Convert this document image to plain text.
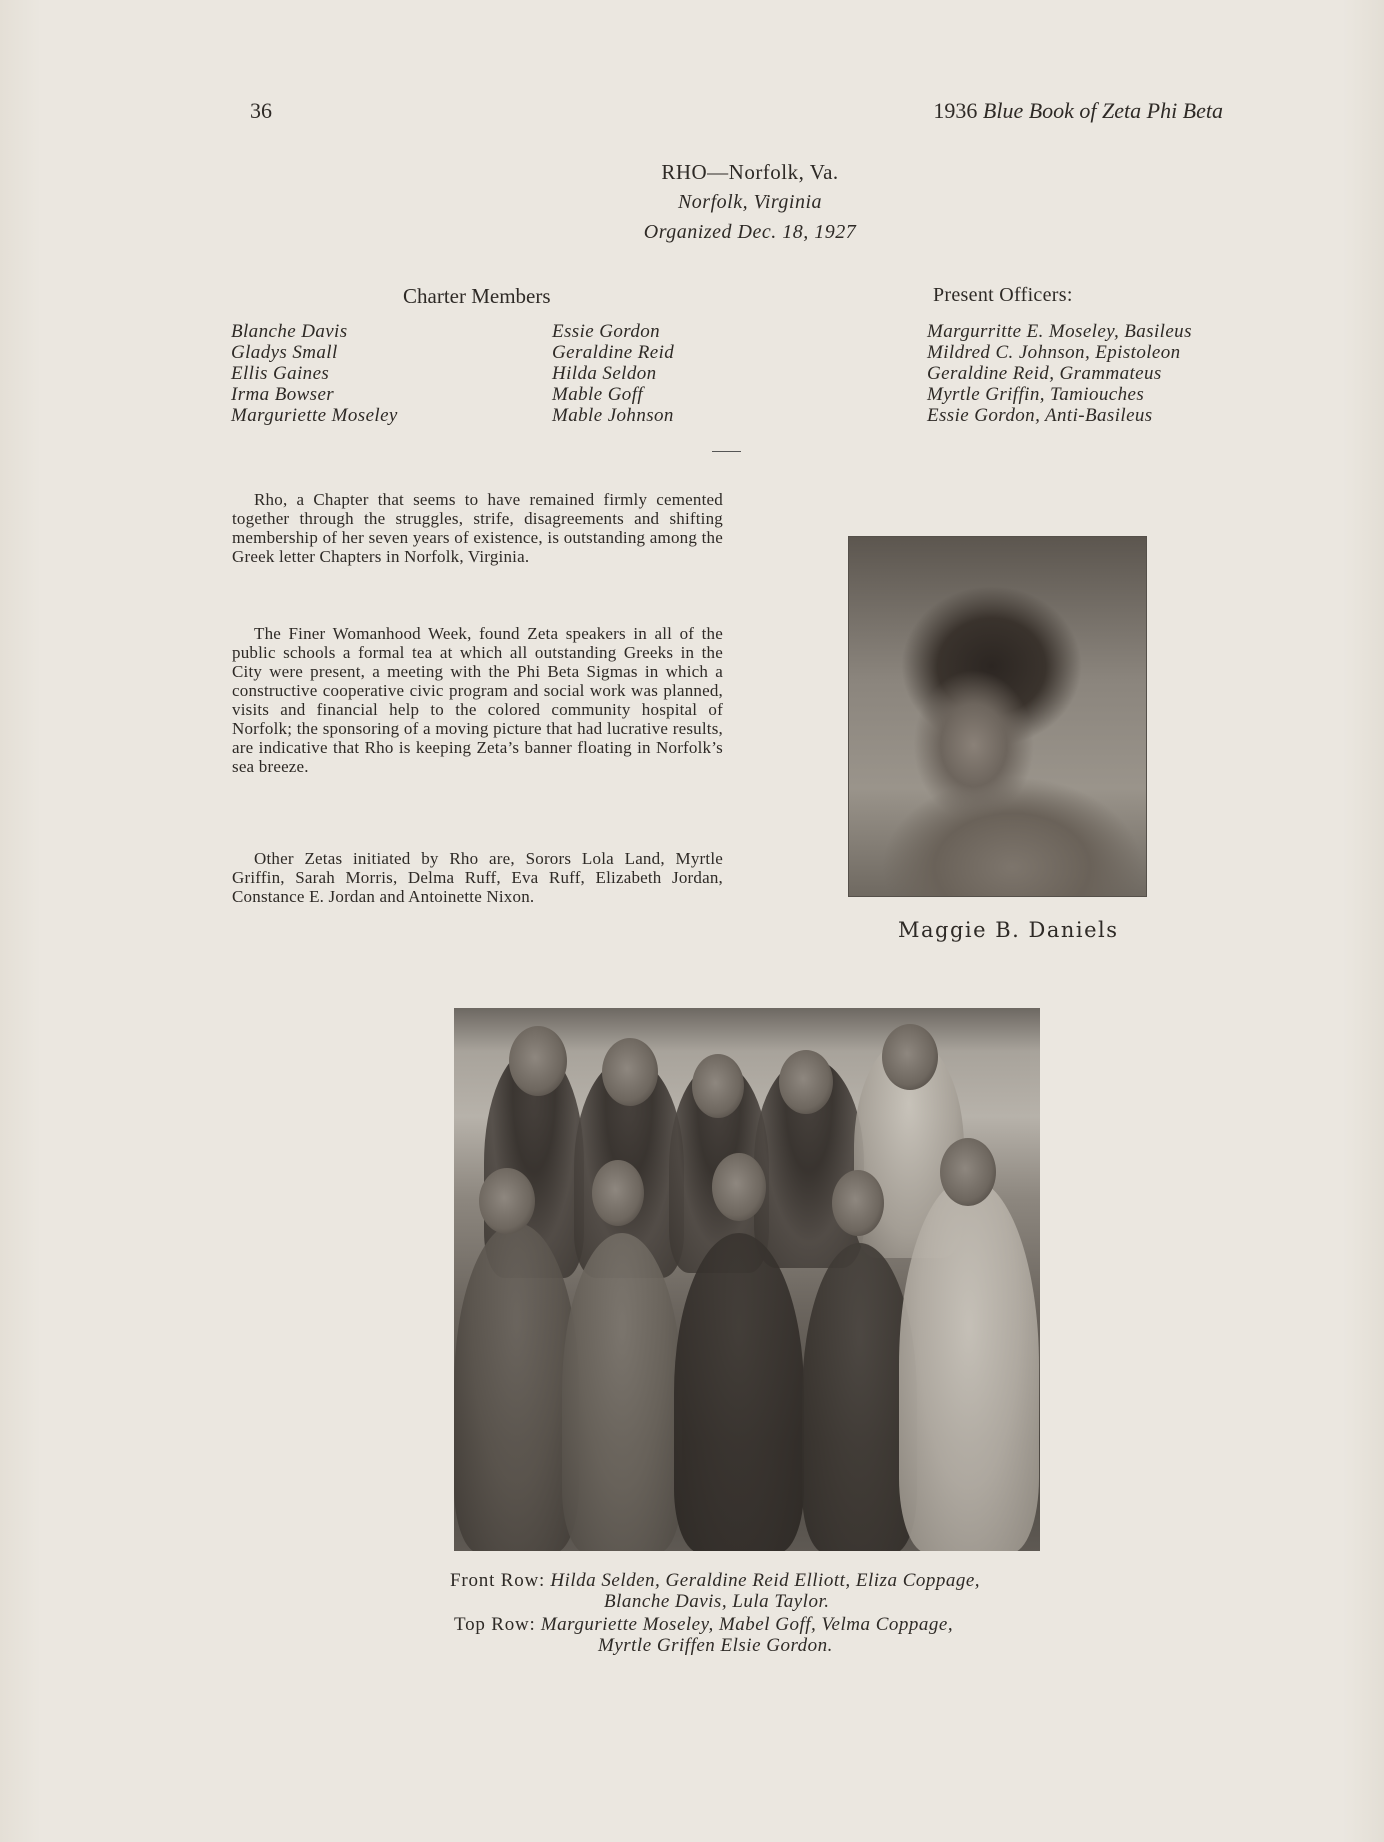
36	1936 Blue Book of Zeta Phi Beta
RHO—Norfolk, Va.
Norfolk, Virginia
Organized Dec. 18, 1927
Charter Members	Present Officers:
Blanche Davis
Gladys Small
Ellis Gaines
Irma Bowser
Marguriette Moseley
Essie Gordon
Geraldine Reid
Hilda Seldon
Mable Goff
Mable Johnson
Margurritte E. Moseley, Basileus
Mildred C. Johnson, Epistoleon
Geraldine Reid, Grammateus
Myrtle Griffin, Tamiouches
Essie Gordon, Anti-Basileus

Rho, a Chapter that seems to have remained firmly cemented together through the struggles, strife, disagreements and shifting membership of her seven years of existence, is outstanding among the Greek letter Chapters in Norfolk, Virginia.

The Finer Womanhood Week, found Zeta speakers in all of the public schools a formal tea at which all outstanding Greeks in the City were present, a meeting with the Phi Beta Sigmas in which a constructive cooperative civic program and social work was planned, visits and financial help to the colored community hospital of Norfolk; the sponsoring of a moving picture that had lucrative results, are indicative that Rho is keeping Zeta’s banner floating in Norfolk’s sea breeze.

Other Zetas initiated by Rho are, Sorors Lola Land, Myrtle Griffin, Sarah Morris, Delma Ruff, Eva Ruff, Elizabeth Jordan, Constance E. Jordan and Antoinette Nixon.

Maggie B. Daniels
Front Row: Hilda Selden, Geraldine Reid Elliott, Eliza Coppage,
Blanche Davis, Lula Taylor.
Top Row: Marguriette Moseley, Mabel Goff, Velma Coppage,
Myrtle Griffen Elsie Gordon.
